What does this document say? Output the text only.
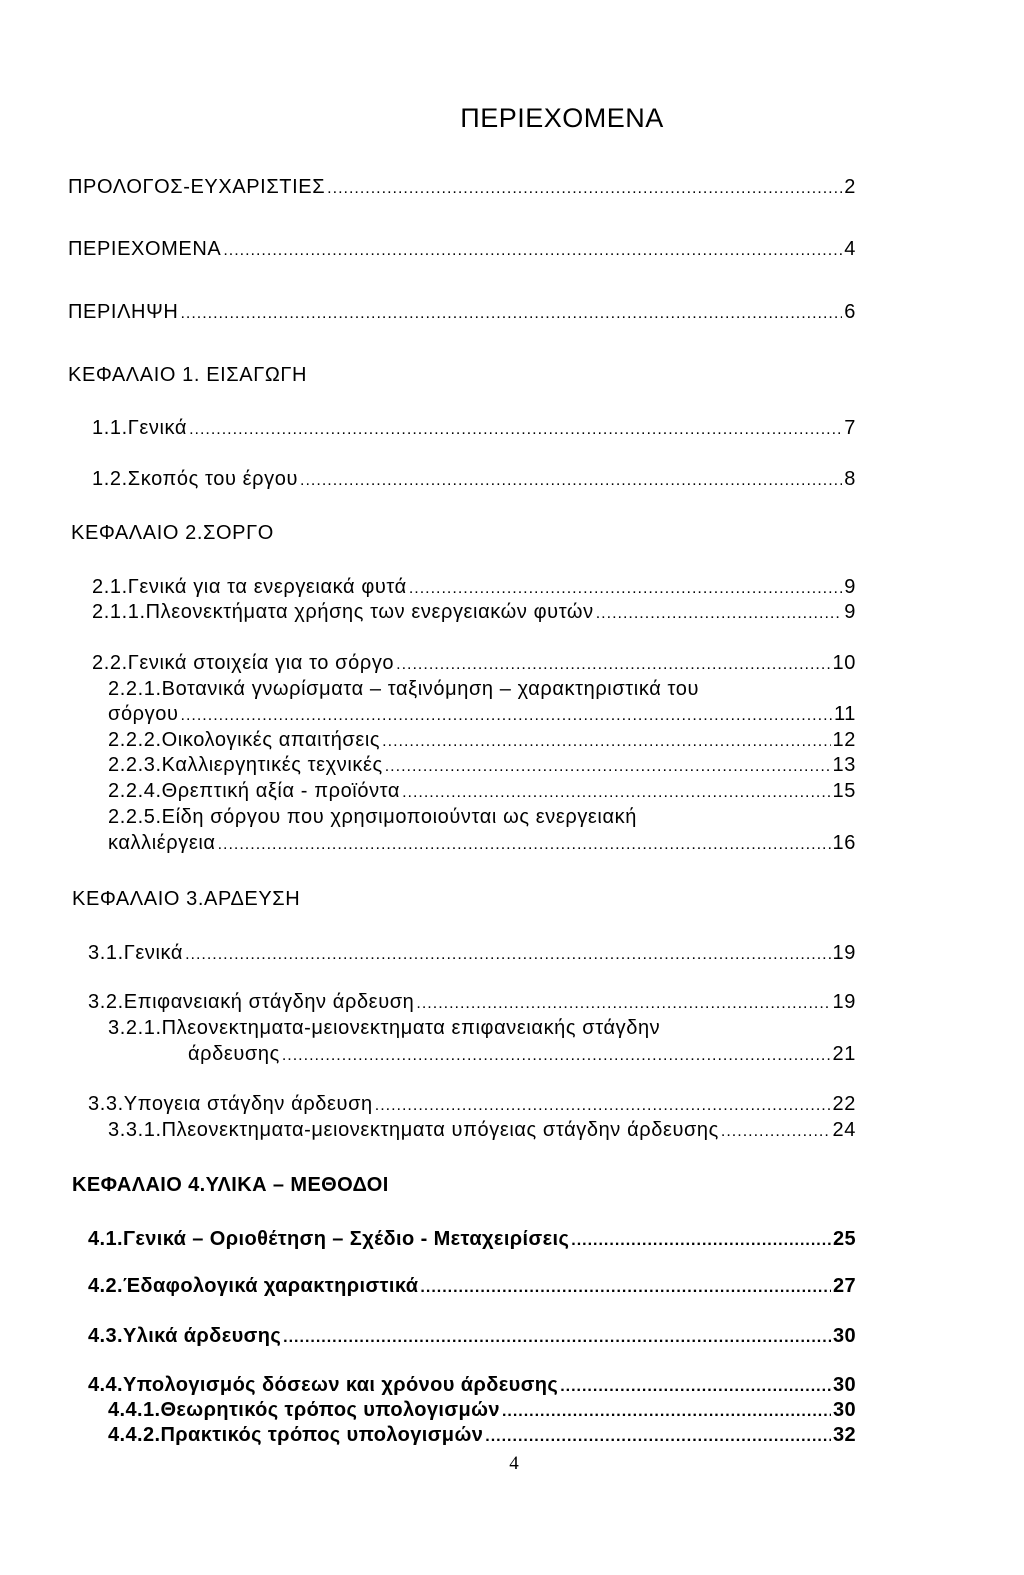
ΠΕΡΙΕΧΟΜΕΝΑ
ΠΡΟΛΟΓΟΣ-ΕΥΧΑΡΙΣΤΙΕΣ .....	2
ΠΕΡΙΕΧΟΜΕΝΑ .....	4
ΠΕΡΙΛΗΨΗ .....	6
ΚΕΦΑΛΑΙΟ 1. ΕΙΣΑΓΩΓΗ
1.1.Γενικά .....	7
1.2.Σκοπός του έργου .....	8
ΚΕΦΑΛΑΙΟ 2.ΣΟΡΓΟ
2.1.Γενικά για τα ενεργειακά φυτά .....	9
2.1.1.Πλεονεκτήματα χρήσης των ενεργειακών φυτών .....	9
2.2.Γενικά στοιχεία για το σόργο .....	10
2.2.1.Βοτανικά γνωρίσματα – ταξινόμηση – χαρακτηριστικά του
σόργου .....	11
2.2.2.Οικολογικές απαιτήσεις .....	12
2.2.3.Καλλιεργητικές τεχνικές .....	13
2.2.4.Θρεπτική αξία - προϊόντα .....	15
2.2.5.Είδη σόργου που χρησιμοποιούνται ως ενεργειακή
καλλιέργεια .....	16
ΚΕΦΑΛΑΙΟ 3.ΑΡΔΕΥΣΗ
3.1.Γενικά .....	19
3.2.Επιφανειακή στάγδην άρδευση .....	19
3.2.1.Πλεονεκτηματα-μειονεκτηματα επιφανειακής στάγδην
άρδευσης .....	21
3.3.Υπογεια στάγδην άρδευση .....	22
3.3.1.Πλεονεκτηματα-μειονεκτηματα υπόγειας στάγδην άρδευσης .....	24
ΚΕΦΑΛΑΙΟ 4.ΥΛΙΚΑ – ΜΕΘΟΔΟΙ
4.1.Γενικά – Οριοθέτηση – Σχέδιο - Μεταχειρίσεις .....	25
4.2.Έδαφολογικά χαρακτηριστικά .....	27
4.3.Υλικά άρδευσης .....	30
4.4.Υπολογισμός δόσεων και χρόνου άρδευσης .....	30
4.4.1.Θεωρητικός τρόπος υπολογισμών .....	30
4.4.2.Πρακτικός τρόπος υπολογισμών .....	32
4
